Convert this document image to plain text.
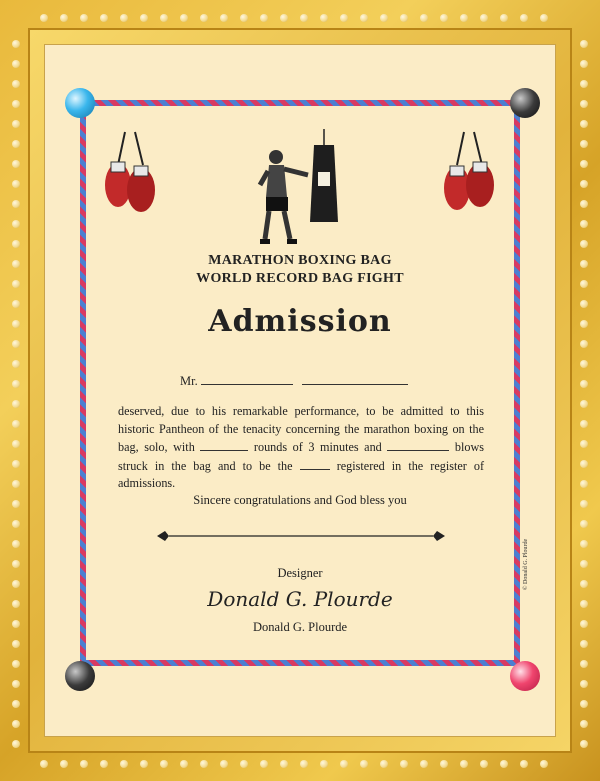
MARATHON BOXING BAG
WORLD RECORD BAG FIGHT
Admission
Mr.
deserved, due to his remarkable performance, to be admitted to this historic Pantheon of the tenacity concerning the marathon boxing on the bag, solo, with	rounds of 3 minutes and	blows struck in the bag and to be the	registered in the register of admissions.
Sincere congratulations and God bless you
Designer
Donald G. Plourde
Donald G. Plourde
© Donald G. Plourde
